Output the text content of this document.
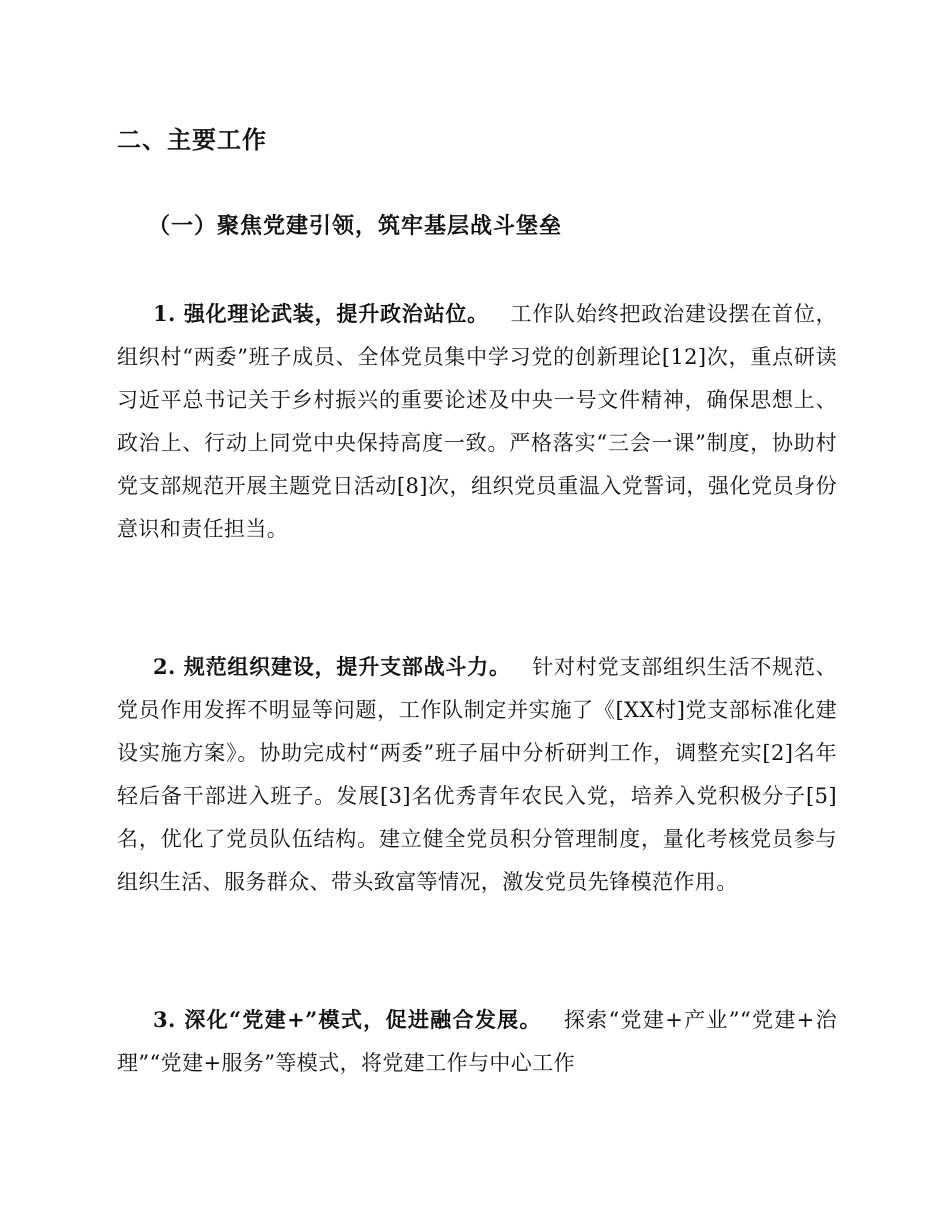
二、主要工作
（一）聚焦党建引领，筑牢基层战斗堡垒
1. 强化理论武装，提升政治站位。 工作队始终把政治建设摆在首位，组织村“两委”班子成员、全体党员集中学习党的创新理论[12]次，重点研读习近平总书记关于乡村振兴的重要论述及中央一号文件精神，确保思想上、政治上、行动上同党中央保持高度一致。严格落实“三会一课”制度，协助村党支部规范开展主题党日活动[8]次，组织党员重温入党誓词，强化党员身份意识和责任担当。
2. 规范组织建设，提升支部战斗力。 针对村党支部组织生活不规范、党员作用发挥不明显等问题，工作队制定并实施了《[XX村]党支部标准化建设实施方案》。协助完成村“两委”班子届中分析研判工作，调整充实[2]名年轻后备干部进入班子。发展[3]名优秀青年农民入党，培养入党积极分子[5]名，优化了党员队伍结构。建立健全党员积分管理制度，量化考核党员参与组织生活、服务群众、带头致富等情况，激发党员先锋模范作用。
3. 深化“党建+”模式，促进融合发展。 探索“党建+产业”“党建+治理”“党建+服务”等模式，将党建工作与中心工作
